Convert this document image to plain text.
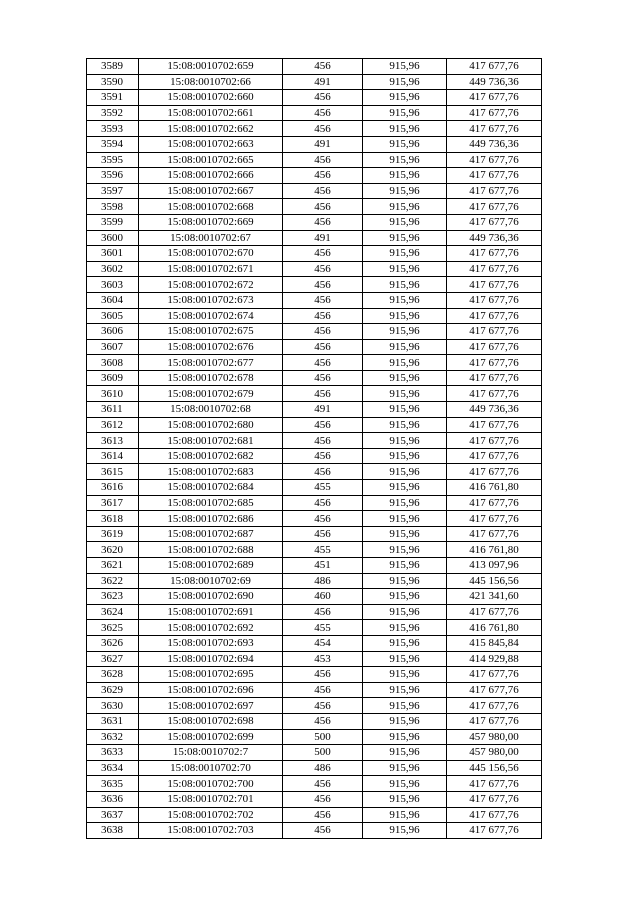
3589	15:08:0010702:659	456	915,96	417 677,76
3590	15:08:0010702:66	491	915,96	449 736,36
3591	15:08:0010702:660	456	915,96	417 677,76
3592	15:08:0010702:661	456	915,96	417 677,76
3593	15:08:0010702:662	456	915,96	417 677,76
3594	15:08:0010702:663	491	915,96	449 736,36
3595	15:08:0010702:665	456	915,96	417 677,76
3596	15:08:0010702:666	456	915,96	417 677,76
3597	15:08:0010702:667	456	915,96	417 677,76
3598	15:08:0010702:668	456	915,96	417 677,76
3599	15:08:0010702:669	456	915,96	417 677,76
3600	15:08:0010702:67	491	915,96	449 736,36
3601	15:08:0010702:670	456	915,96	417 677,76
3602	15:08:0010702:671	456	915,96	417 677,76
3603	15:08:0010702:672	456	915,96	417 677,76
3604	15:08:0010702:673	456	915,96	417 677,76
3605	15:08:0010702:674	456	915,96	417 677,76
3606	15:08:0010702:675	456	915,96	417 677,76
3607	15:08:0010702:676	456	915,96	417 677,76
3608	15:08:0010702:677	456	915,96	417 677,76
3609	15:08:0010702:678	456	915,96	417 677,76
3610	15:08:0010702:679	456	915,96	417 677,76
3611	15:08:0010702:68	491	915,96	449 736,36
3612	15:08:0010702:680	456	915,96	417 677,76
3613	15:08:0010702:681	456	915,96	417 677,76
3614	15:08:0010702:682	456	915,96	417 677,76
3615	15:08:0010702:683	456	915,96	417 677,76
3616	15:08:0010702:684	455	915,96	416 761,80
3617	15:08:0010702:685	456	915,96	417 677,76
3618	15:08:0010702:686	456	915,96	417 677,76
3619	15:08:0010702:687	456	915,96	417 677,76
3620	15:08:0010702:688	455	915,96	416 761,80
3621	15:08:0010702:689	451	915,96	413 097,96
3622	15:08:0010702:69	486	915,96	445 156,56
3623	15:08:0010702:690	460	915,96	421 341,60
3624	15:08:0010702:691	456	915,96	417 677,76
3625	15:08:0010702:692	455	915,96	416 761,80
3626	15:08:0010702:693	454	915,96	415 845,84
3627	15:08:0010702:694	453	915,96	414 929,88
3628	15:08:0010702:695	456	915,96	417 677,76
3629	15:08:0010702:696	456	915,96	417 677,76
3630	15:08:0010702:697	456	915,96	417 677,76
3631	15:08:0010702:698	456	915,96	417 677,76
3632	15:08:0010702:699	500	915,96	457 980,00
3633	15:08:0010702:7	500	915,96	457 980,00
3634	15:08:0010702:70	486	915,96	445 156,56
3635	15:08:0010702:700	456	915,96	417 677,76
3636	15:08:0010702:701	456	915,96	417 677,76
3637	15:08:0010702:702	456	915,96	417 677,76
3638	15:08:0010702:703	456	915,96	417 677,76
